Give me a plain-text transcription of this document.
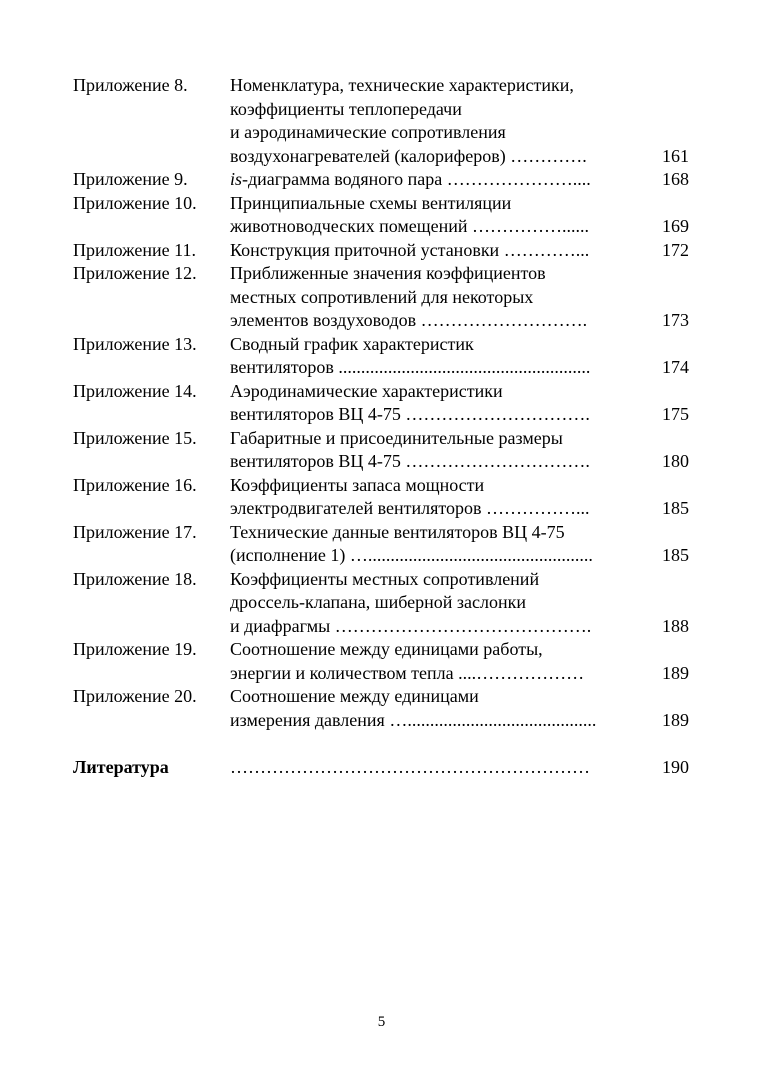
Приложение 8. Номенклатура, технические характеристики,
коэффициенты теплопередачи
и аэродинамические сопротивления
воздухонагревателей (калориферов) ………….	161
Приложение 9. is-диаграмма водяного пара …………………....	168
Приложение 10. Принципиальные схемы вентиляции
животноводческих помещений ……………......	169
Приложение 11. Конструкция приточной установки …………...	172
Приложение 12. Приближенные значения коэффициентов
местных сопротивлений для некоторых
элементов воздуховодов ……………………….	173
Приложение 13. Сводный график характеристик
вентиляторов ........................................................	174
Приложение 14. Аэродинамические характеристики
вентиляторов ВЦ 4-75 ………………………….	175
Приложение 15. Габаритные и присоединительные размеры
вентиляторов ВЦ 4-75 ………………………….	180
Приложение 16. Коэффициенты запаса мощности
электродвигателей вентиляторов ……………...	185
Приложение 17. Технические данные вентиляторов ВЦ 4-75
(исполнение 1) …..................................................	185
Приложение 18. Коэффициенты местных сопротивлений
дроссель-клапана, шиберной заслонки
и диафрагмы …………………………………….	188
Приложение 19. Соотношение между единицами работы,
энергии и количеством тепла ....………………	189
Приложение 20. Соотношение между единицами
измерения давления …..........................................	189
Литература	……………………………………………………	190
5
